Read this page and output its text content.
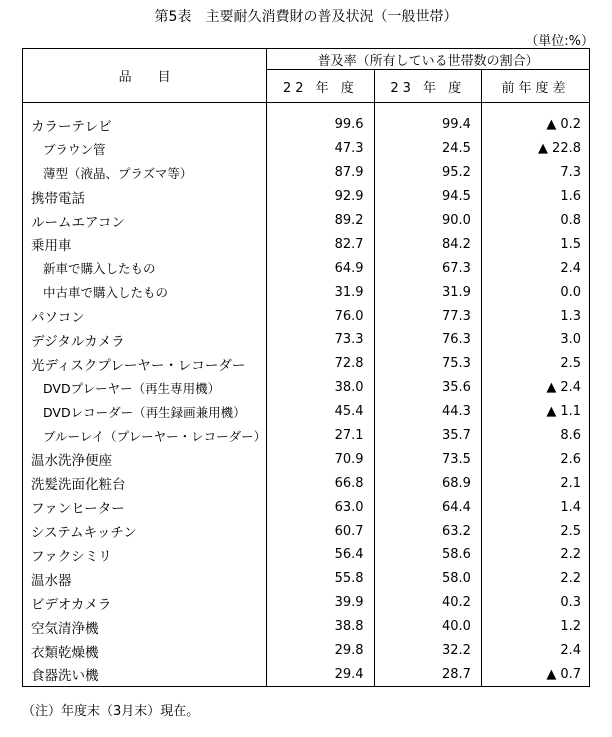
第5表　主要耐久消費財の普及状況（一般世帯）
（単位:%）
品　　目	普及率（所有している世帯数の割合）		
	22 年 度	23 年 度	前年度差

カラーテレビ	99.6	99.4	▲ 0.2
ブラウン管	47.3	24.5	▲ 22.8
薄型（液晶、プラズマ等）	87.9	95.2	7.3
携帯電話	92.9	94.5	1.6
ルームエアコン	89.2	90.0	0.8
乗用車	82.7	84.2	1.5
新車で購入したもの	64.9	67.3	2.4
中古車で購入したもの	31.9	31.9	0.0
パソコン	76.0	77.3	1.3
デジタルカメラ	73.3	76.3	3.0
光ディスクプレーヤー・レコーダー	72.8	75.3	2.5
DVDプレーヤー（再生専用機）	38.0	35.6	▲ 2.4
DVDレコーダー（再生録画兼用機）	45.4	44.3	▲ 1.1
ブルーレイ（プレーヤー・レコーダー）	27.1	35.7	8.6
温水洗浄便座	70.9	73.5	2.6
洗髪洗面化粧台	66.8	68.9	2.1
ファンヒーター	63.0	64.4	1.4
システムキッチン	60.7	63.2	2.5
ファクシミリ	56.4	58.6	2.2
温水器	55.8	58.0	2.2
ビデオカメラ	39.9	40.2	0.3
空気清浄機	38.8	40.0	1.2
衣類乾燥機	29.8	32.2	2.4
食器洗い機	29.4	28.7	▲ 0.7
（注）年度末（3月末）現在。
